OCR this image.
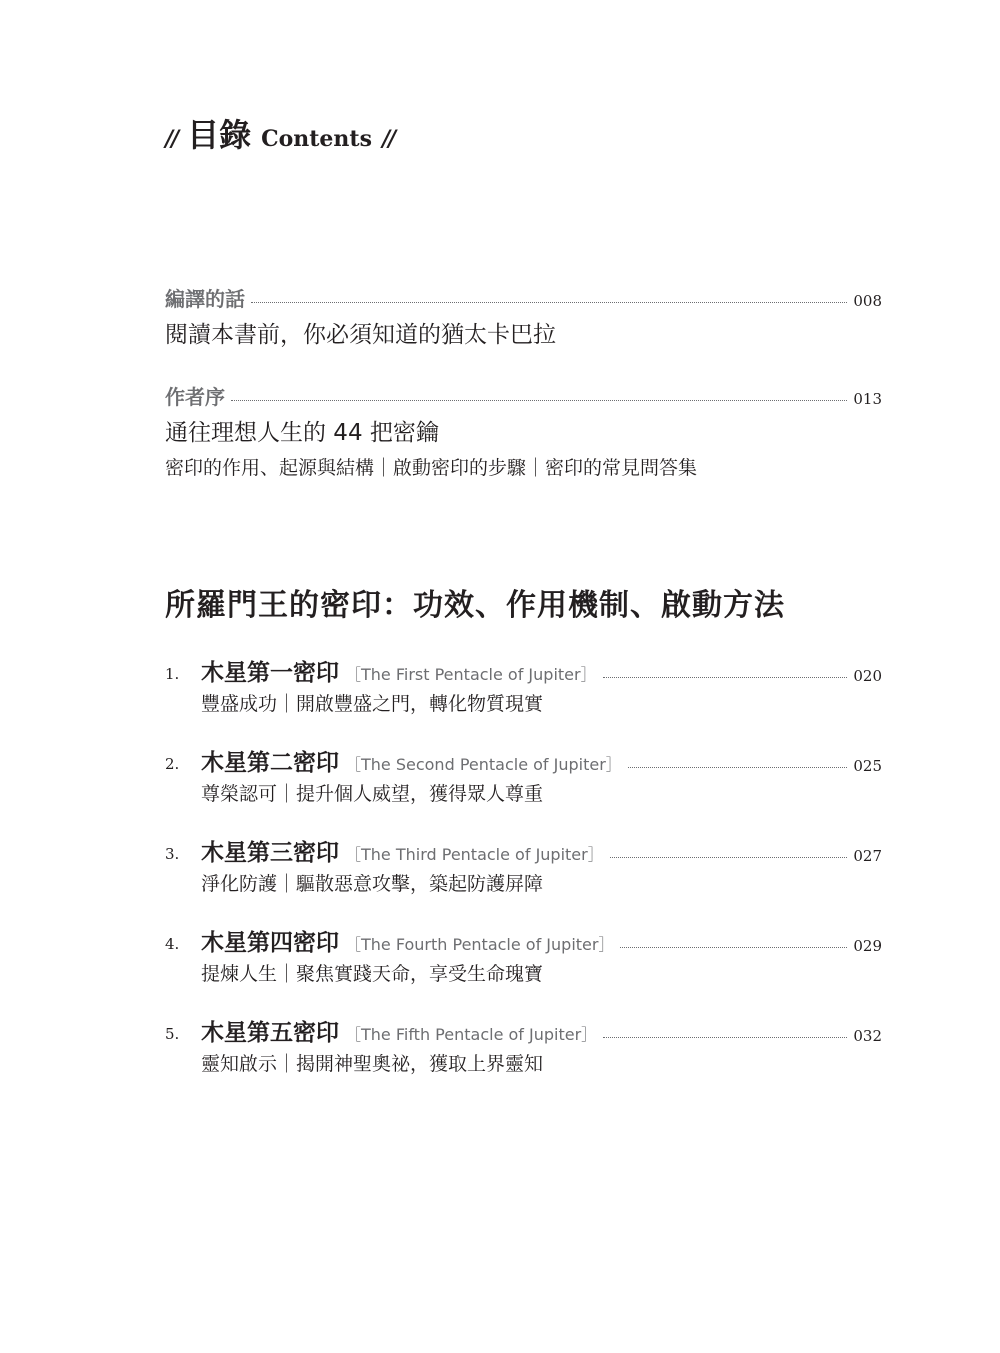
// 目錄 Contents //
編譯的話	008
閱讀本書前，你必須知道的猶太卡巴拉
作者序	013
通往理想人生的 44 把密鑰
密印的作用、起源與結構｜啟動密印的步驟｜密印的常見問答集
所羅門王的密印：功效、作用機制、啟動方法
1. 木星第一密印 ［The First Pentacle of Jupiter］	020
豐盛成功｜開啟豐盛之門，轉化物質現實
2. 木星第二密印 ［The Second Pentacle of Jupiter］	025
尊榮認可｜提升個人威望，獲得眾人尊重
3. 木星第三密印 ［The Third Pentacle of Jupiter］	027
淨化防護｜驅散惡意攻擊，築起防護屏障
4. 木星第四密印 ［The Fourth Pentacle of Jupiter］	029
提煉人生｜聚焦實踐天命，享受生命瑰寶
5. 木星第五密印 ［The Fifth Pentacle of Jupiter］	032
靈知啟示｜揭開神聖奧祕，獲取上界靈知
